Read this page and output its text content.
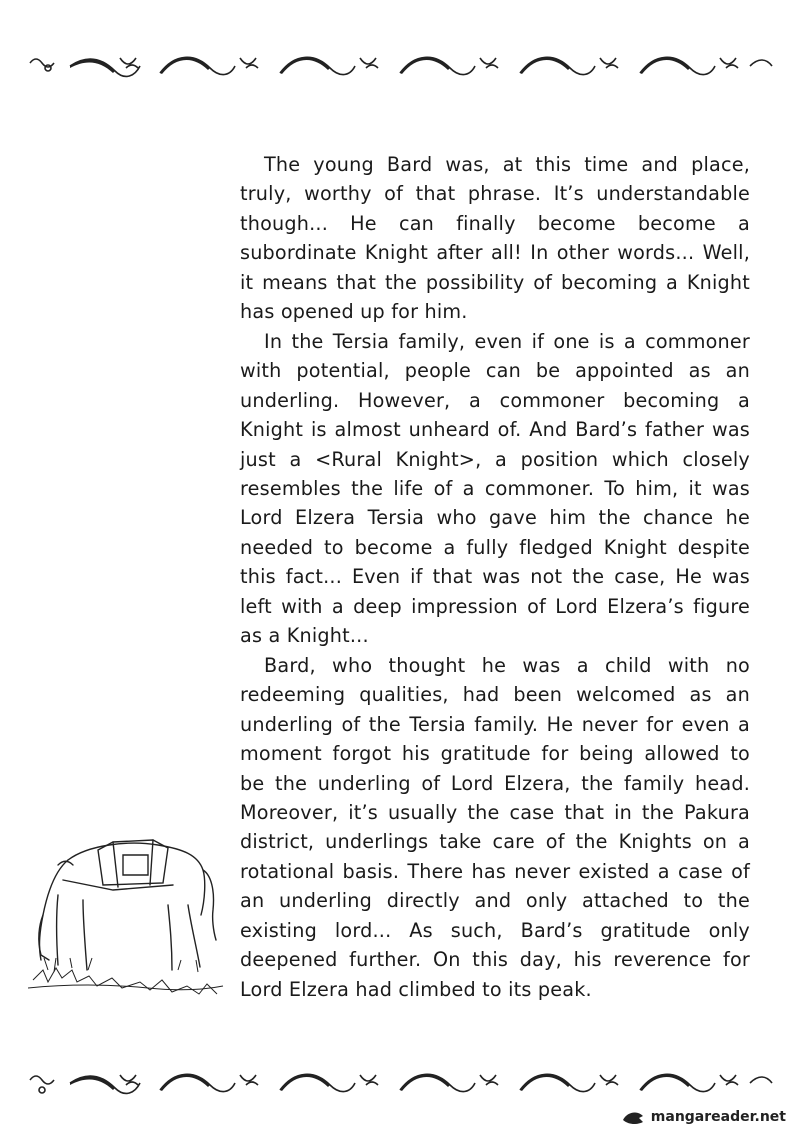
The young Bard was, at this time and place, truly, worthy of that phrase. It’s understandable though... He can finally become become a subordinate Knight after all! In other words... Well, it means that the possibility of becoming a Knight has opened up for him.

In the Tersia family, even if one is a commoner with potential, people can be appointed as an underling. However, a commoner becoming a Knight is almost unheard of. And Bard’s father was just a <Rural Knight>, a position which closely resembles the life of a commoner. To him, it was Lord Elzera Tersia who gave him the chance he needed to become a fully fledged Knight despite this fact... Even if that was not the case, He was left with a deep impression of Lord Elzera’s figure as a Knight...

Bard, who thought he was a child with no redeeming qualities, had been welcomed as an underling of the Tersia family. He never for even a moment forgot his gratitude for being allowed to be the underling of Lord Elzera, the family head. Moreover, it’s usually the case that in the Pakura district, underlings take care of the Knights on a rotational basis. There has never existed a case of an underling directly and only attached to the existing lord... As such, Bard’s gratitude only deepened further. On this day, his reverence for Lord Elzera had climbed to its peak.

mangareader.net
